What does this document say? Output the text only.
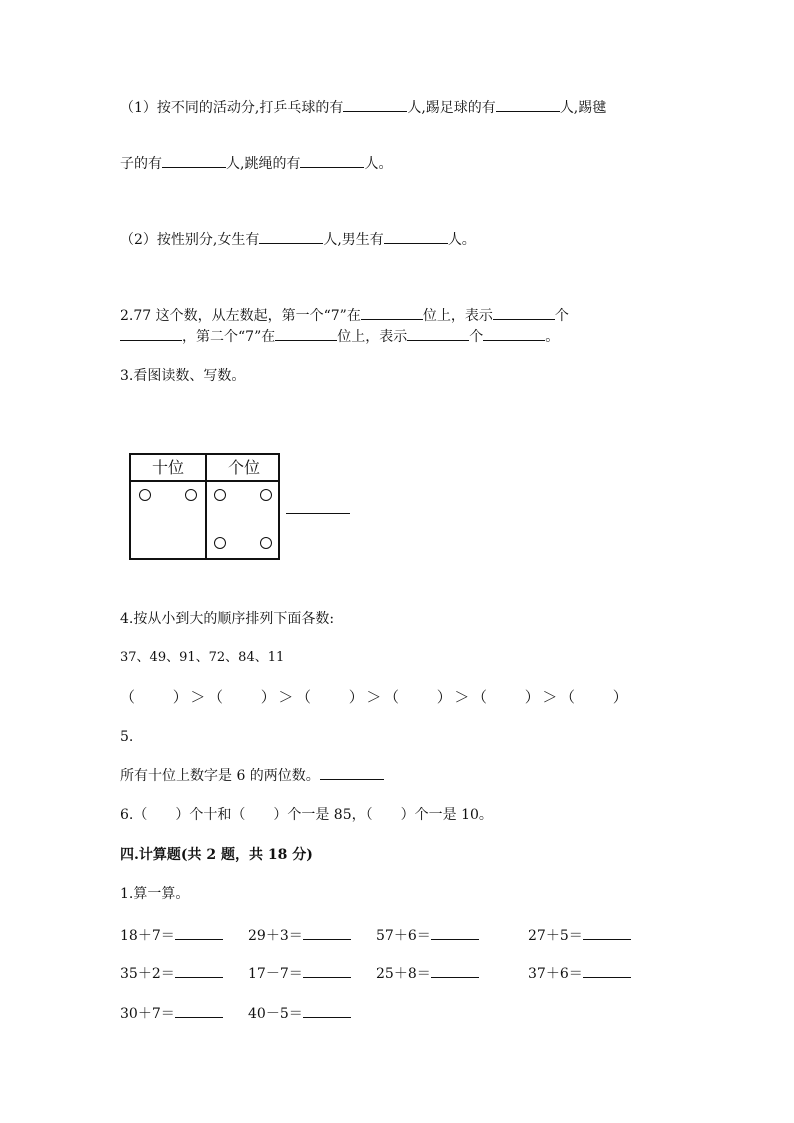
（1）按不同的活动分,打乒乓球的有	人,踢足球的有	人,踢毽
子的有	人,跳绳的有	人。
（2）按性别分,女生有	人,男生有	人。
2.77 这个数，从左数起，第一个“7”在	位上，表示	个
，第二个“7”在	位上，表示	个	。
3.看图读数、写数。
十位	个位
4.按从小到大的顺序排列下面各数:
37、49、91、72、84、11
（　　）＞（　　）＞（　　）＞（　　）＞（　　）＞（　　）
5.
所有十位上数字是 6 的两位数。
6.（　　）个十和（　　）个一是 85，（　　）个一是 10。
四.计算题(共 2 题，共 18 分)
1.算一算。
18＋7＝	29＋3＝	57＋6＝	27＋5＝
35＋2＝	17－7＝	25＋8＝	37＋6＝
30＋7＝	40－5＝
